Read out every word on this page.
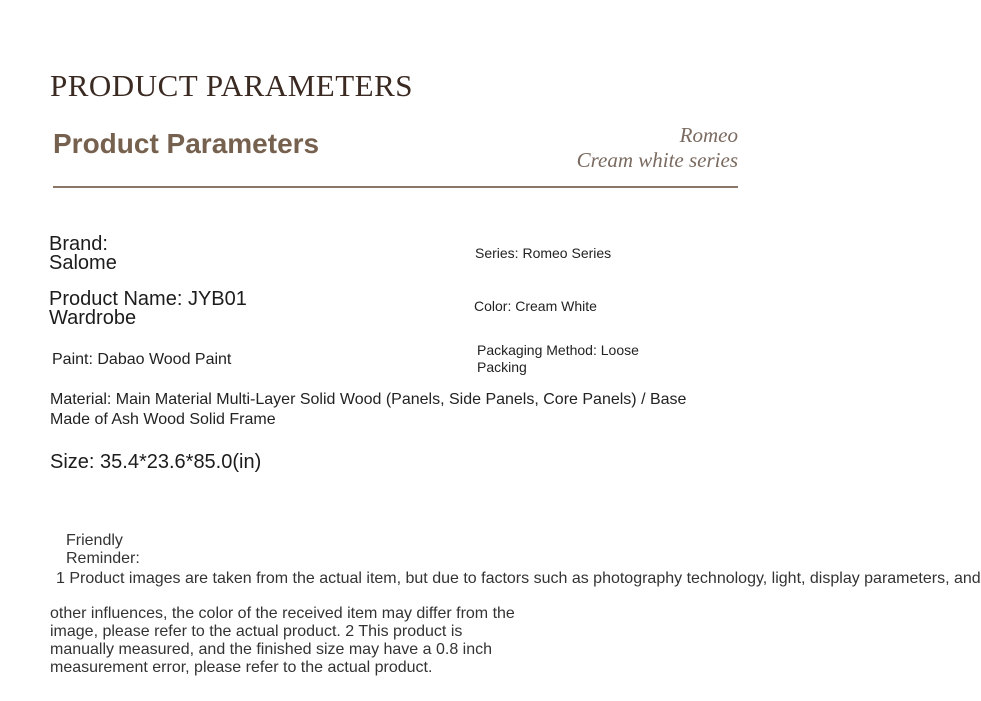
PRODUCT PARAMETERS
Product Parameters	Romeo
Cream white series
Brand:
Salome	Series: Romeo Series
Product Name: JYB01
Wardrobe
Color: Cream White
Paint: Dabao Wood Paint
Packaging Method: Loose
Packing
Material: Main Material Multi-Layer Solid Wood (Panels, Side Panels, Core Panels) / Base
Made of Ash Wood Solid Frame
Size: 35.4*23.6*85.0(in)
Friendly
Reminder:
1 Product images are taken from the actual item, but due to factors such as photography technology, light, display parameters, and
other influences, the color of the received item may differ from the
image, please refer to the actual product. 2 This product is
manually measured, and the finished size may have a 0.8 inch
measurement error, please refer to the actual product.
